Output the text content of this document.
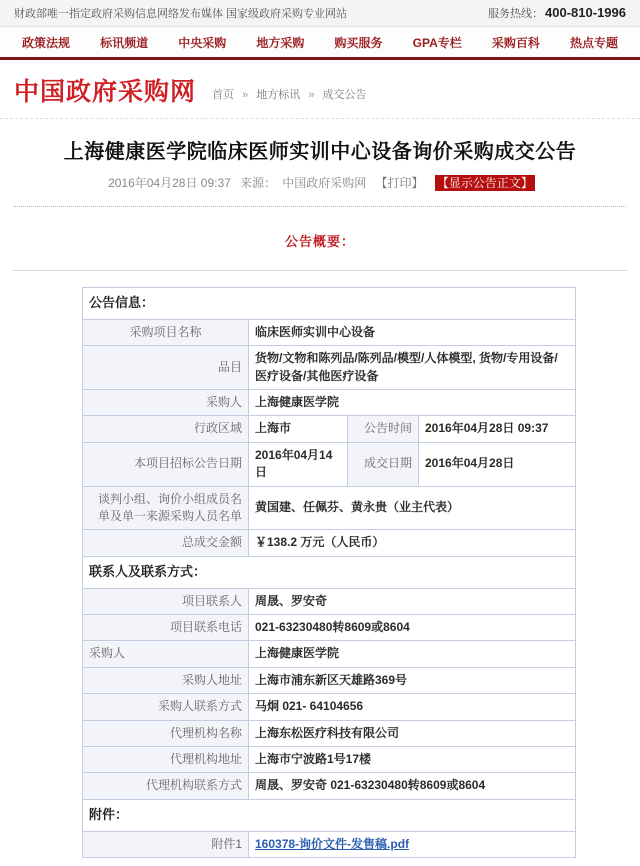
财政部唯一指定政府采购信息网络发布媒体 国家级政府采购专业网站	服务热线： 400-810-1996
政策法规	标讯频道	中央采购	地方采购	购买服务	GPA专栏	采购百科	热点专题
中国政府采购网 首页 » 地方标讯 » 成交公告
上海健康医学院临床医师实训中心设备询价采购成交公告
2016年04月28日 09:37 来源： 中国政府采购网 【打印】 【显示公告正文】
公告概要：
公告信息：			
采购项目名称	临床医师实训中心设备		
品目	货物/文物和陈列品/陈列品/模型/人体模型, 货物/专用设备/医疗设备/其他医疗设备		
采购人	上海健康医学院		
行政区域	上海市	公告时间	2016年04月28日 09:37
本项目招标公告日期	2016年04月14日	成交日期	2016年04月28日
谈判小组、询价小组成员名单及单一来源采购人员名单	黄国建、任佩芬、黄永贵（业主代表）		
总成交金额	￥138.2 万元（人民币）		
联系人及联系方式：			
项目联系人	周晟、罗安奇		
项目联系电话	021-63230480转8609或8604		
采购人	上海健康医学院		
采购人地址	上海市浦东新区天雄路369号		
采购人联系方式	马炯 021- 64104656		
代理机构名称	上海东松医疗科技有限公司		
代理机构地址	上海市宁波路1号17楼		
代理机构联系方式	周晟、罗安奇 021-63230480转8609或8604		
附件：			
附件1	160378-询价文件-发售稿.pdf		
